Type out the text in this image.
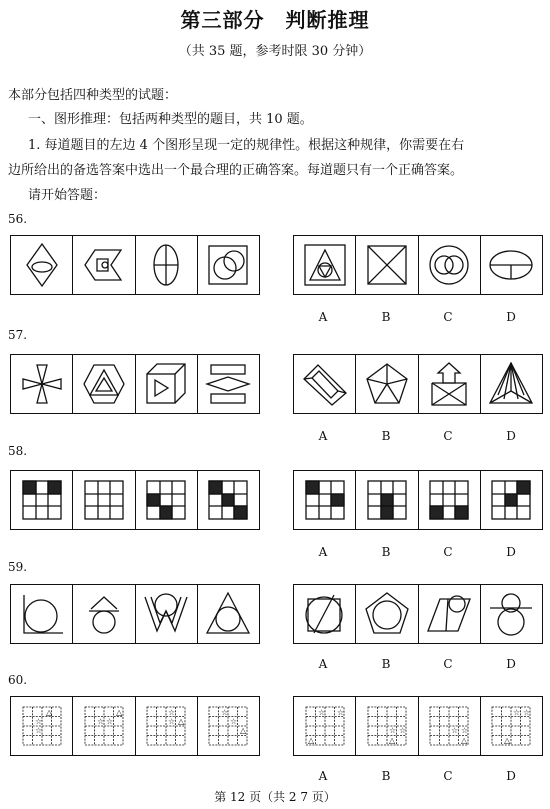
第三部分　判断推理
（共 35 题，参考时限 30 分钟）
本部分包括四种类型的试题：
一、图形推理：包括两种类型的题目，共 10 题。
1. 每道题目的左边 4 个图形呈现一定的规律性。根据这种规律，你需要在右
边所给出的备选答案中选出一个最合理的正确答案。每道题只有一个正确答案。
请开始答题：
56.
A	B	C	D
57.
A	B	C	D
58.
A	B	C	D
59.
A	B	C	D
60.
△
☆
☆
△
☆ ☆	△
☆
☆
△
☆
☆
△
☆ ☆
△
☆ ☆
△
☆ ☆
△
☆ ☆
A	B	C	D
第 12 页（共 2 7 页）
